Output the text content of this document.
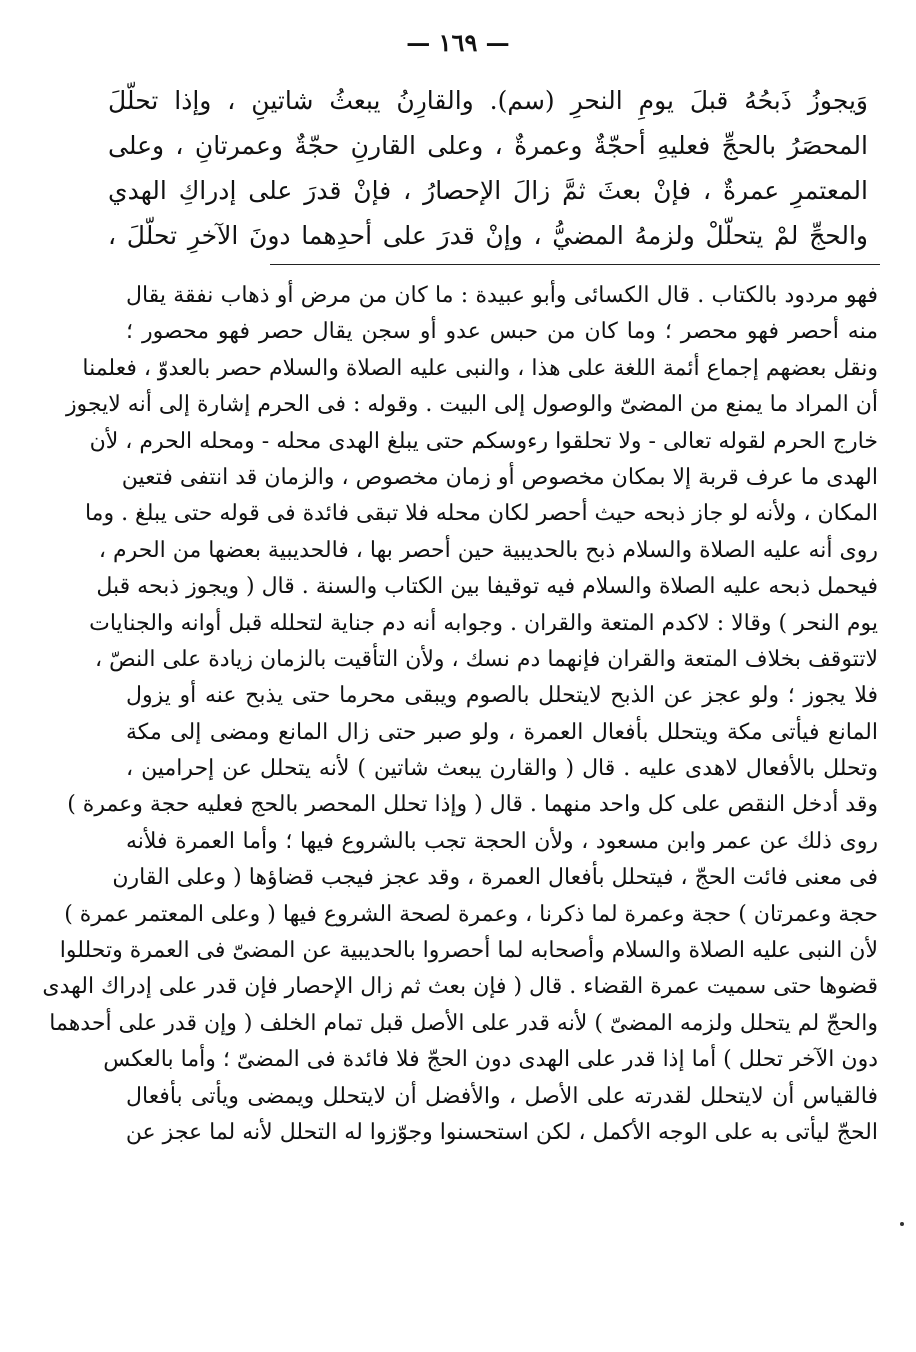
— ١٦٩ —
وَيجوزُ ذَبحُهُ قبلَ يومِ النحرِ (سم). والقارِنُ يبعثُ شاتينِ ، وإذا تحلّلَ
المحصَرُ بالحجِّ فعليهِ أحجّةٌ وعمرةٌ ، وعلى القارنِ حجّةٌ وعمرتانِ ، وعلى
المعتمرِ عمرةٌ ، فإنْ بعثَ ثمَّ زالَ الإحصارُ ، فإنْ قدرَ على إدراكِ الهدي
والحجِّ لمْ يتحلّلْ ولزمهُ المضيُّ ، وإنْ قدرَ على أحدِهما دونَ الآخرِ تحلّلَ ،
فهو مردود بالكتاب . قال الكسائى وأبو عبيدة : ما كان من مرض أو ذهاب نفقة يقال
منه أحصر فهو محصر ؛ وما كان من حبس عدو أو سجن يقال حصر فهو محصور ؛
ونقل بعضهم إجماع أئمة اللغة على هذا ، والنبى عليه الصلاة والسلام حصر بالعدوّ ، فعلمنا
أن المراد ما يمنع من المضىّ والوصول إلى البيت . وقوله : فى الحرم إشارة إلى أنه لايجوز
خارج الحرم لقوله تعالى - ولا تحلقوا رءوسكم حتى يبلغ الهدى محله - ومحله الحرم ، لأن
الهدى ما عرف قربة إلا بمكان مخصوص أو زمان مخصوص ، والزمان قد انتفى فتعين
المكان ، ولأنه لو جاز ذبحه حيث أحصر لكان محله فلا تبقى فائدة فى قوله حتى يبلغ . وما
روى أنه عليه الصلاة والسلام ذبح بالحديبية حين أحصر بها ، فالحديبية بعضها من الحرم ،
فيحمل ذبحه عليه الصلاة والسلام فيه توقيفا بين الكتاب والسنة . قال ( ويجوز ذبحه قبل
يوم النحر ) وقالا : لاكدم المتعة والقران . وجوابه أنه دم جناية لتحلله قبل أوانه والجنايات
لاتتوقف بخلاف المتعة والقران فإنهما دم نسك ، ولأن التأقيت بالزمان زيادة على النصّ ،
فلا يجوز ؛ ولو عجز عن الذبح لايتحلل بالصوم ويبقى محرما حتى يذبح عنه أو يزول
المانع فيأتى مكة ويتحلل بأفعال العمرة ، ولو صبر حتى زال المانع ومضى إلى مكة
وتحلل بالأفعال لاهدى عليه . قال ( والقارن يبعث شاتين ) لأنه يتحلل عن إحرامين ،
وقد أدخل النقص على كل واحد منهما . قال ( وإذا تحلل المحصر بالحج فعليه حجة وعمرة )
روى ذلك عن عمر وابن مسعود ، ولأن الحجة تجب بالشروع فيها ؛ وأما العمرة فلأنه
فى معنى فائت الحجّ ، فيتحلل بأفعال العمرة ، وقد عجز فيجب قضاؤها ( وعلى القارن
حجة وعمرتان ) حجة وعمرة لما ذكرنا ، وعمرة لصحة الشروع فيها ( وعلى المعتمر عمرة )
لأن النبى عليه الصلاة والسلام وأصحابه لما أحصروا بالحديبية عن المضىّ فى العمرة وتحللوا
قضوها حتى سميت عمرة القضاء . قال ( فإن بعث ثم زال الإحصار فإن قدر على إدراك الهدى
والحجّ لم يتحلل ولزمه المضىّ ) لأنه قدر على الأصل قبل تمام الخلف ( وإن قدر على أحدهما
دون الآخر تحلل ) أما إذا قدر على الهدى دون الحجّ فلا فائدة فى المضىّ ؛ وأما بالعكس
فالقياس أن لايتحلل لقدرته على الأصل ، والأفضل أن لايتحلل ويمضى ويأتى بأفعال
الحجّ ليأتى به على الوجه الأكمل ، لكن استحسنوا وجوّزوا له التحلل لأنه لما عجز عن
